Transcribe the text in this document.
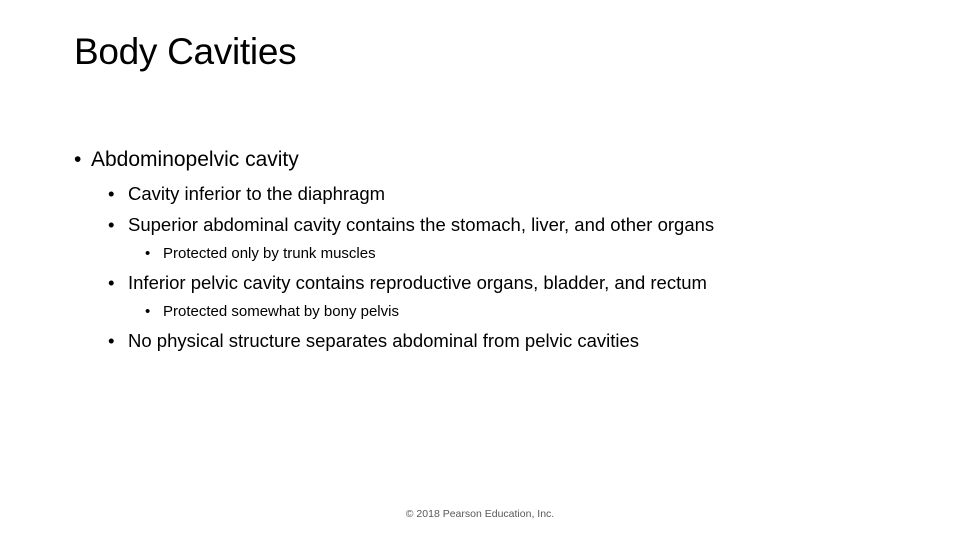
Body Cavities
• Abdominopelvic cavity
• Cavity inferior to the diaphragm
• Superior abdominal cavity contains the stomach, liver, and other organs
• Protected only by trunk muscles
• Inferior pelvic cavity contains reproductive organs, bladder, and rectum
• Protected somewhat by bony pelvis
• No physical structure separates abdominal from pelvic cavities
© 2018 Pearson Education, Inc.
